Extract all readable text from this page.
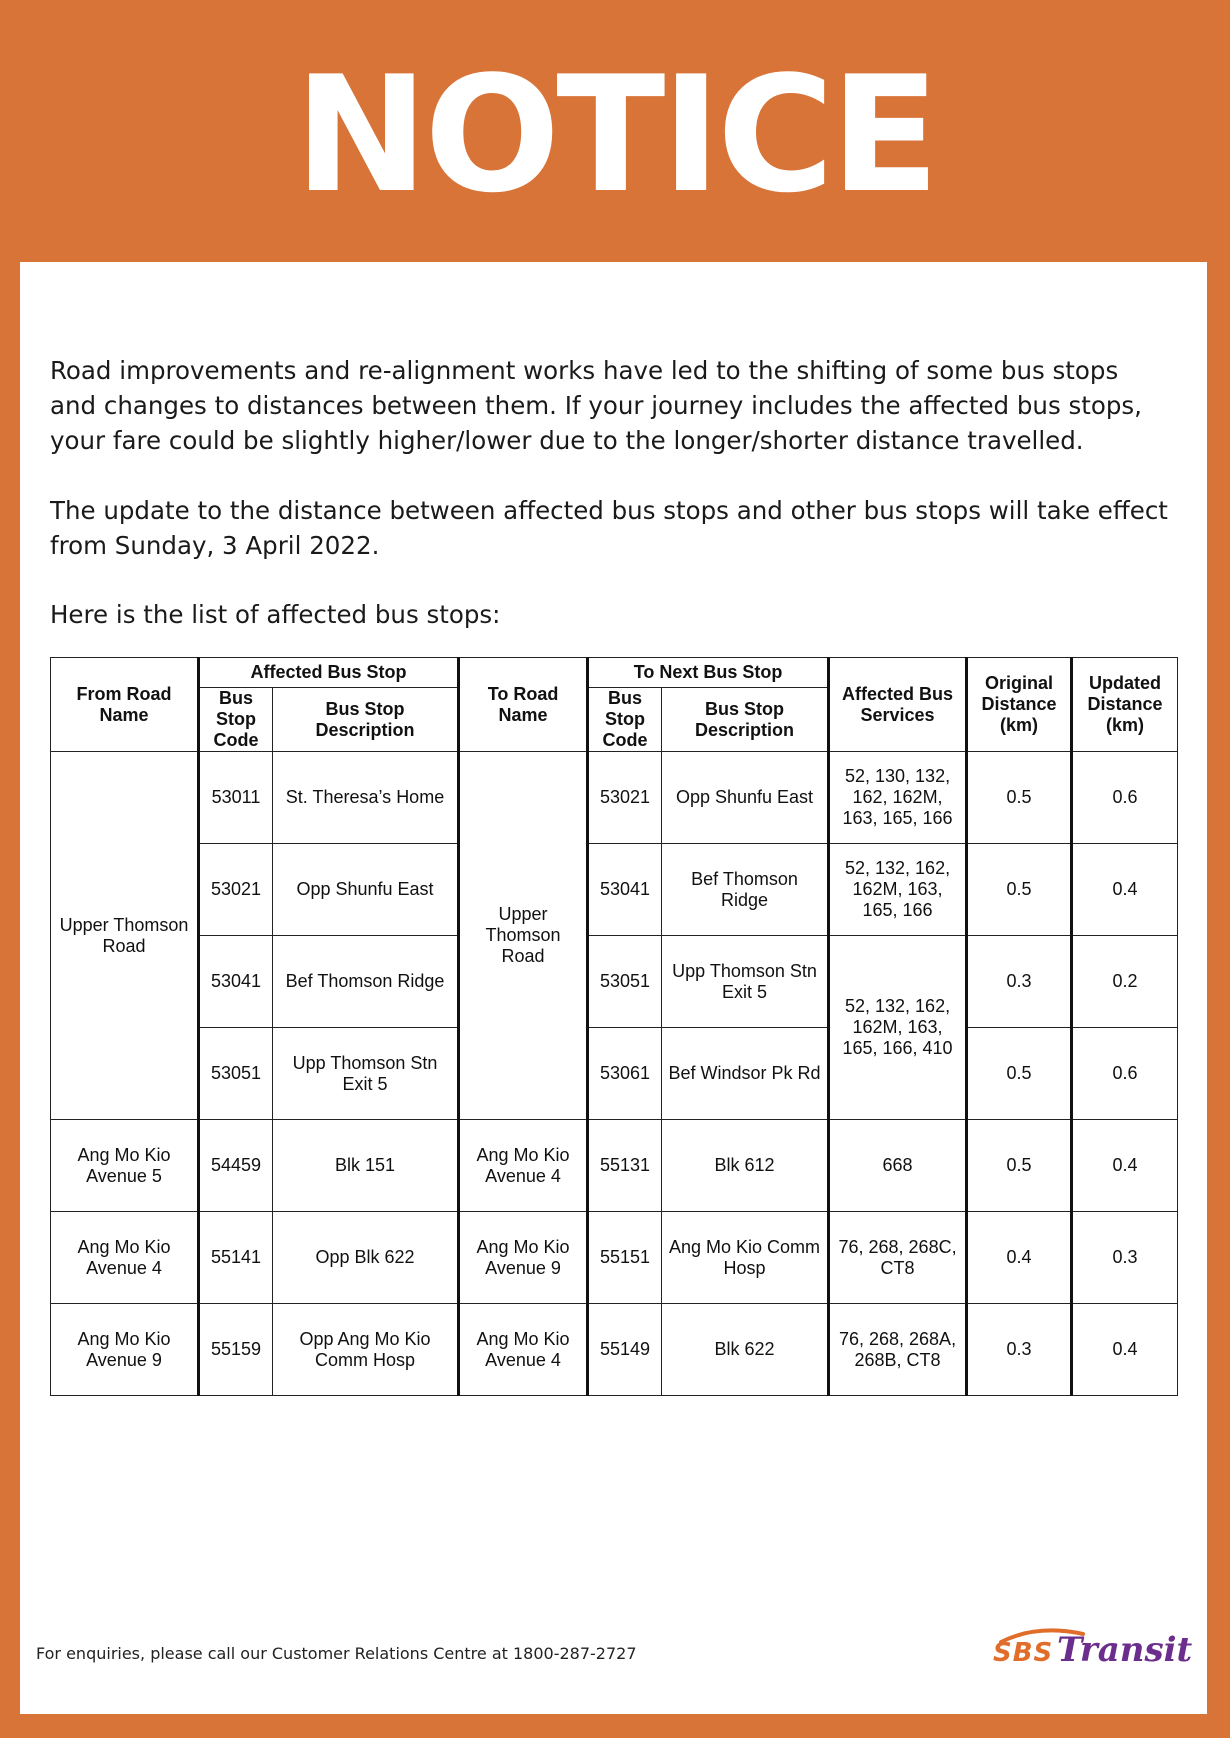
NOTICE

Road improvements and re-alignment works have led to the shifting of some bus stops and changes to distances between them. If your journey includes the affected bus stops, your fare could be slightly higher/lower due to the longer/shorter distance travelled.

The update to the distance between affected bus stops and other bus stops will take effect from Sunday, 3 April 2022.

Here is the list of affected bus stops:

From Road Name	Affected Bus Stop		To Road Name	To Next Bus Stop		Affected Bus Services	Original Distance (km)	Updated Distance (km)
	Bus Stop Code	Bus Stop Description		Bus Stop Code	Bus Stop Description			
Upper Thomson Road	53011	St. Theresa’s Home	Upper Thomson Road	53021	Opp Shunfu East	52, 130, 132, 162, 162M, 163, 165, 166	0.5	0.6
	53021	Opp Shunfu East		53041	Bef Thomson Ridge	52, 132, 162, 162M, 163, 165, 166	0.5	0.4
	53041	Bef Thomson Ridge		53051	Upp Thomson Stn Exit 5	52, 132, 162, 162M, 163, 165, 166, 410	0.3	0.2
	53051	Upp Thomson Stn Exit 5		53061	Bef Windsor Pk Rd		0.5	0.6
Ang Mo Kio Avenue 5	54459	Blk 151	Ang Mo Kio Avenue 4	55131	Blk 612	668	0.5	0.4
Ang Mo Kio Avenue 4	55141	Opp Blk 622	Ang Mo Kio Avenue 9	55151	Ang Mo Kio Comm Hosp	76, 268, 268C, CT8	0.4	0.3
Ang Mo Kio Avenue 9	55159	Opp Ang Mo Kio Comm Hosp	Ang Mo Kio Avenue 4	55149	Blk 622	76, 268, 268A, 268B, CT8	0.3	0.4
For enquiries, please call our Customer Relations Centre at 1800-287-2727	SBS Transit
